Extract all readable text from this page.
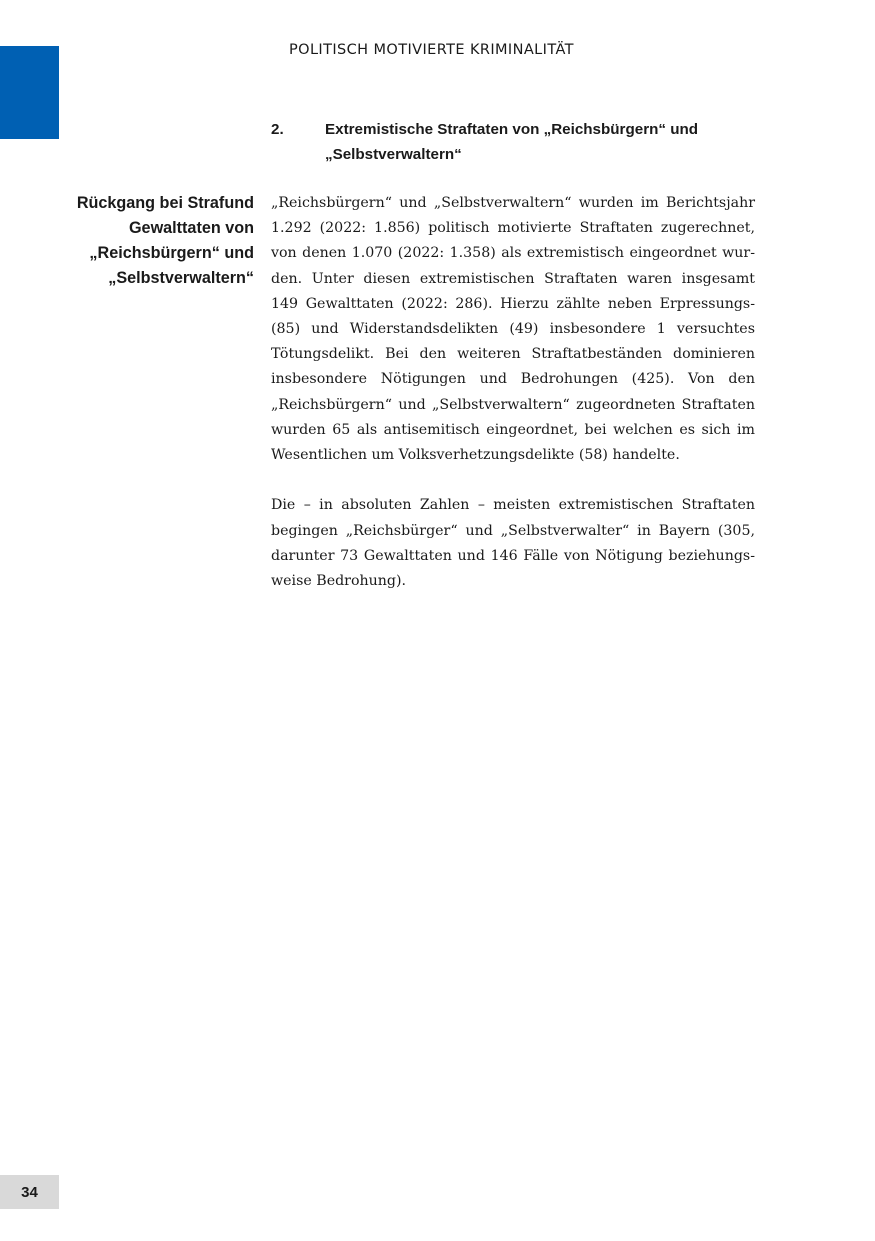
POLITISCH MOTIVIERTE KRIMINALITÄT
2.	Extremistische Straftaten von „Reichsbürgern“ und „Selbstverwaltern“
Rückgang bei Strafund Gewalttaten von „Reichsbürgern“ und „Selbstverwaltern“

„Reichsbürgern“ und „Selbstverwaltern“ wurden im Berichtsjahr 1.292 (2022: 1.856) politisch motivierte Straftaten zugerechnet, von denen 1.070 (2022: 1.358) als extremistisch eingeordnet wurden. Unter diesen extremistischen Straftaten waren insgesamt 149 Gewalttaten (2022: 286). Hierzu zählte neben Erpressungs- (85) und Widerstandsdelikten (49) insbesondere 1 versuchtes Tötungsdelikt. Bei den weiteren Straftatbeständen dominieren insbesondere Nötigungen und Bedrohungen (425). Von den „Reichsbürgern“ und „Selbstverwaltern“ zugeordneten Straftaten wurden 65 als antisemitisch eingeordnet, bei welchen es sich im Wesentlichen um Volksverhetzungsdelikte (58) handelte.

Die – in absoluten Zahlen – meisten extremistischen Straftaten begingen „Reichsbürger“ und „Selbstverwalter“ in Bayern (305, darunter 73 Gewalttaten und 146 Fälle von Nötigung beziehungsweise Bedrohung).

34
